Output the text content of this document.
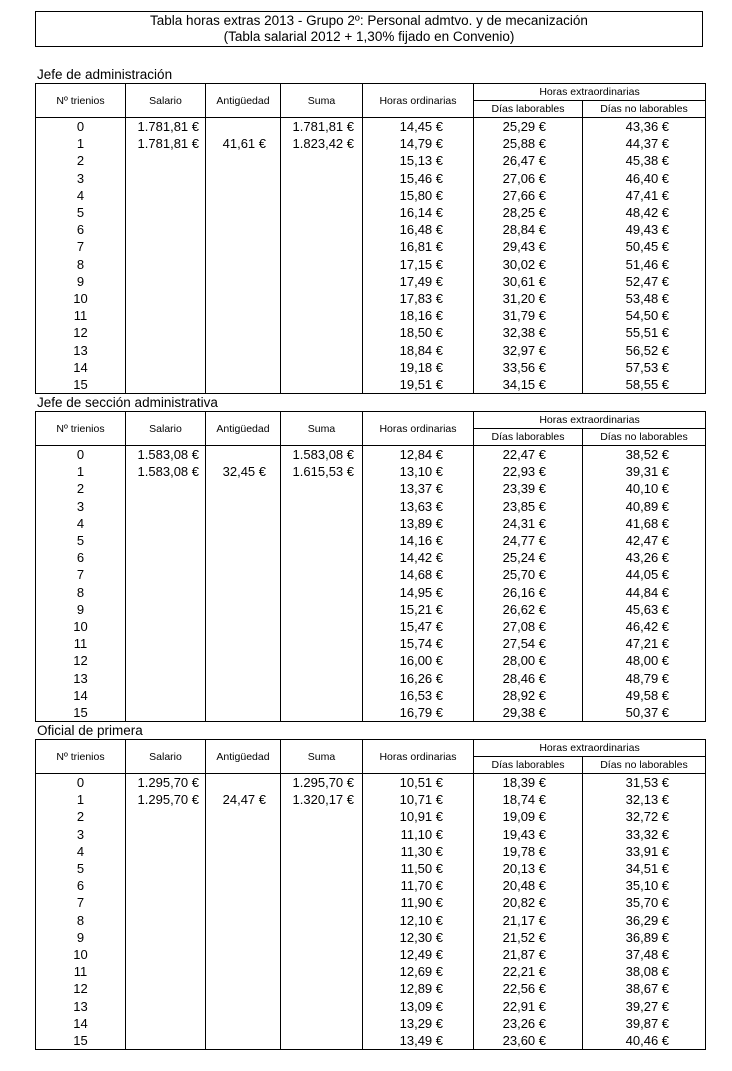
Tabla horas extras 2013 - Grupo 2º: Personal admtvo. y de mecanización
(Tabla salarial 2012 + 1,30% fijado en Convenio)
Jefe de administración
Nº trienios	Salario	Antigüedad	Suma	Horas ordinarias	Horas extraordinarias	
					Días laborables	Días no laborables
0	1.781,81 €		1.781,81 €	14,45 €	25,29 €	43,36 €
1	1.781,81 €	41,61 €	1.823,42 €	14,79 €	25,88 €	44,37 €
2				15,13 €	26,47 €	45,38 €
3				15,46 €	27,06 €	46,40 €
4				15,80 €	27,66 €	47,41 €
5				16,14 €	28,25 €	48,42 €
6				16,48 €	28,84 €	49,43 €
7				16,81 €	29,43 €	50,45 €
8				17,15 €	30,02 €	51,46 €
9				17,49 €	30,61 €	52,47 €
10				17,83 €	31,20 €	53,48 €
11				18,16 €	31,79 €	54,50 €
12				18,50 €	32,38 €	55,51 €
13				18,84 €	32,97 €	56,52 €
14				19,18 €	33,56 €	57,53 €
15				19,51 €	34,15 €	58,55 €
Jefe de sección administrativa
Nº trienios	Salario	Antigüedad	Suma	Horas ordinarias	Horas extraordinarias	
					Días laborables	Días no laborables
0	1.583,08 €		1.583,08 €	12,84 €	22,47 €	38,52 €
1	1.583,08 €	32,45 €	1.615,53 €	13,10 €	22,93 €	39,31 €
2				13,37 €	23,39 €	40,10 €
3				13,63 €	23,85 €	40,89 €
4				13,89 €	24,31 €	41,68 €
5				14,16 €	24,77 €	42,47 €
6				14,42 €	25,24 €	43,26 €
7				14,68 €	25,70 €	44,05 €
8				14,95 €	26,16 €	44,84 €
9				15,21 €	26,62 €	45,63 €
10				15,47 €	27,08 €	46,42 €
11				15,74 €	27,54 €	47,21 €
12				16,00 €	28,00 €	48,00 €
13				16,26 €	28,46 €	48,79 €
14				16,53 €	28,92 €	49,58 €
15				16,79 €	29,38 €	50,37 €
Oficial de primera
Nº trienios	Salario	Antigüedad	Suma	Horas ordinarias	Horas extraordinarias	
					Días laborables	Días no laborables
0	1.295,70 €		1.295,70 €	10,51 €	18,39 €	31,53 €
1	1.295,70 €	24,47 €	1.320,17 €	10,71 €	18,74 €	32,13 €
2				10,91 €	19,09 €	32,72 €
3				11,10 €	19,43 €	33,32 €
4				11,30 €	19,78 €	33,91 €
5				11,50 €	20,13 €	34,51 €
6				11,70 €	20,48 €	35,10 €
7				11,90 €	20,82 €	35,70 €
8				12,10 €	21,17 €	36,29 €
9				12,30 €	21,52 €	36,89 €
10				12,49 €	21,87 €	37,48 €
11				12,69 €	22,21 €	38,08 €
12				12,89 €	22,56 €	38,67 €
13				13,09 €	22,91 €	39,27 €
14				13,29 €	23,26 €	39,87 €
15				13,49 €	23,60 €	40,46 €
